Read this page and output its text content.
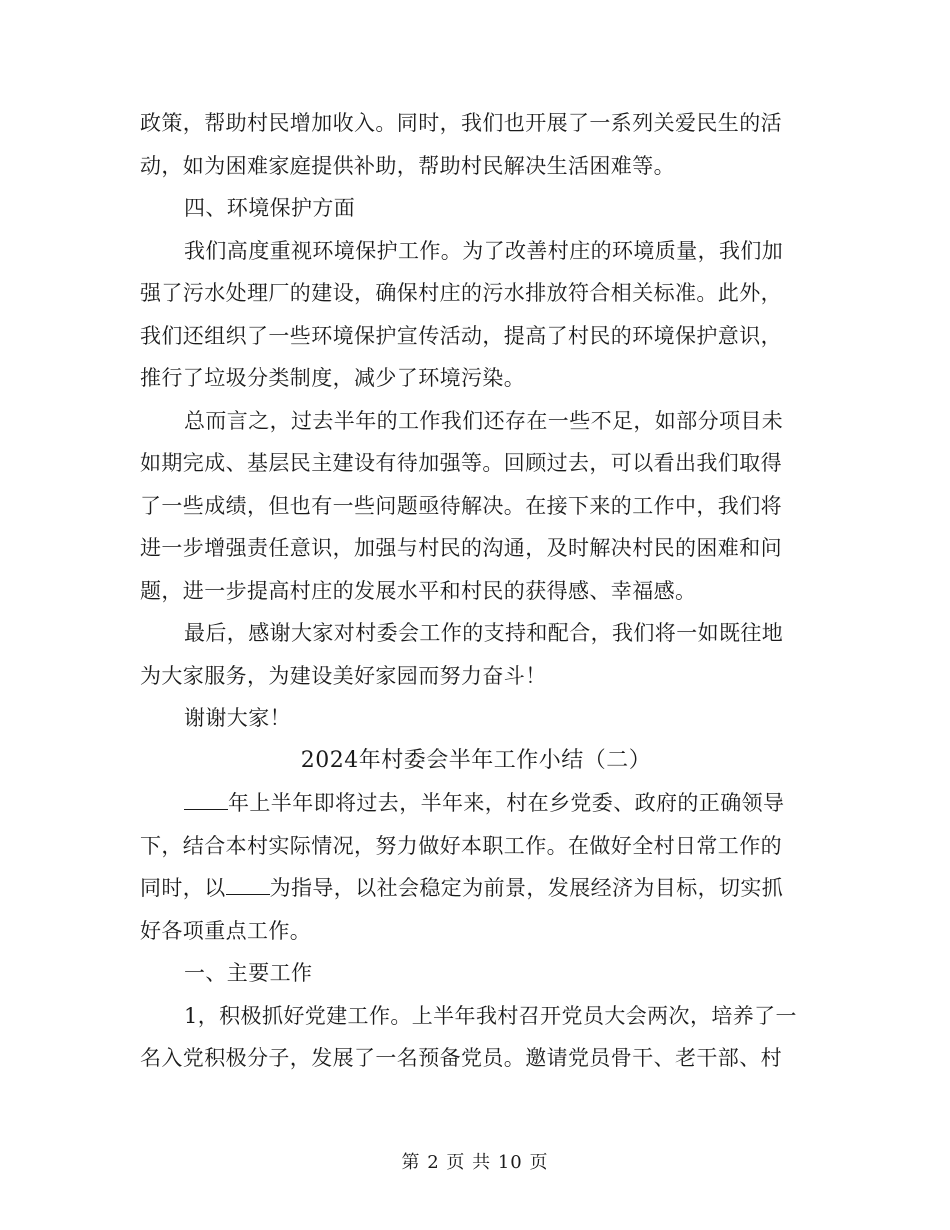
政策，帮助村民增加收入。同时，我们也开展了一系列关爱民生的活
动，如为困难家庭提供补助，帮助村民解决生活困难等。
四、环境保护方面
我们高度重视环境保护工作。为了改善村庄的环境质量，我们加
强了污水处理厂的建设，确保村庄的污水排放符合相关标准。此外，
我们还组织了一些环境保护宣传活动，提高了村民的环境保护意识，
推行了垃圾分类制度，减少了环境污染。
总而言之，过去半年的工作我们还存在一些不足，如部分项目未
如期完成、基层民主建设有待加强等。回顾过去，可以看出我们取得
了一些成绩，但也有一些问题亟待解决。在接下来的工作中，我们将
进一步增强责任意识，加强与村民的沟通，及时解决村民的困难和问
题，进一步提高村庄的发展水平和村民的获得感、幸福感。
最后，感谢大家对村委会工作的支持和配合，我们将一如既往地
为大家服务，为建设美好家园而努力奋斗！
谢谢大家！
2024年村委会半年工作小结（二）
年上半年即将过去，半年来，村在乡党委、政府的正确领导
下，结合本村实际情况，努力做好本职工作。在做好全村日常工作的
同时，以 为指导，以社会稳定为前景，发展经济为目标，切实抓
好各项重点工作。
一、主要工作
1，积极抓好党建工作。上半年我村召开党员大会两次，培养了一
名入党积极分子，发展了一名预备党员。邀请党员骨干、老干部、村
第 2 页 共 10 页
